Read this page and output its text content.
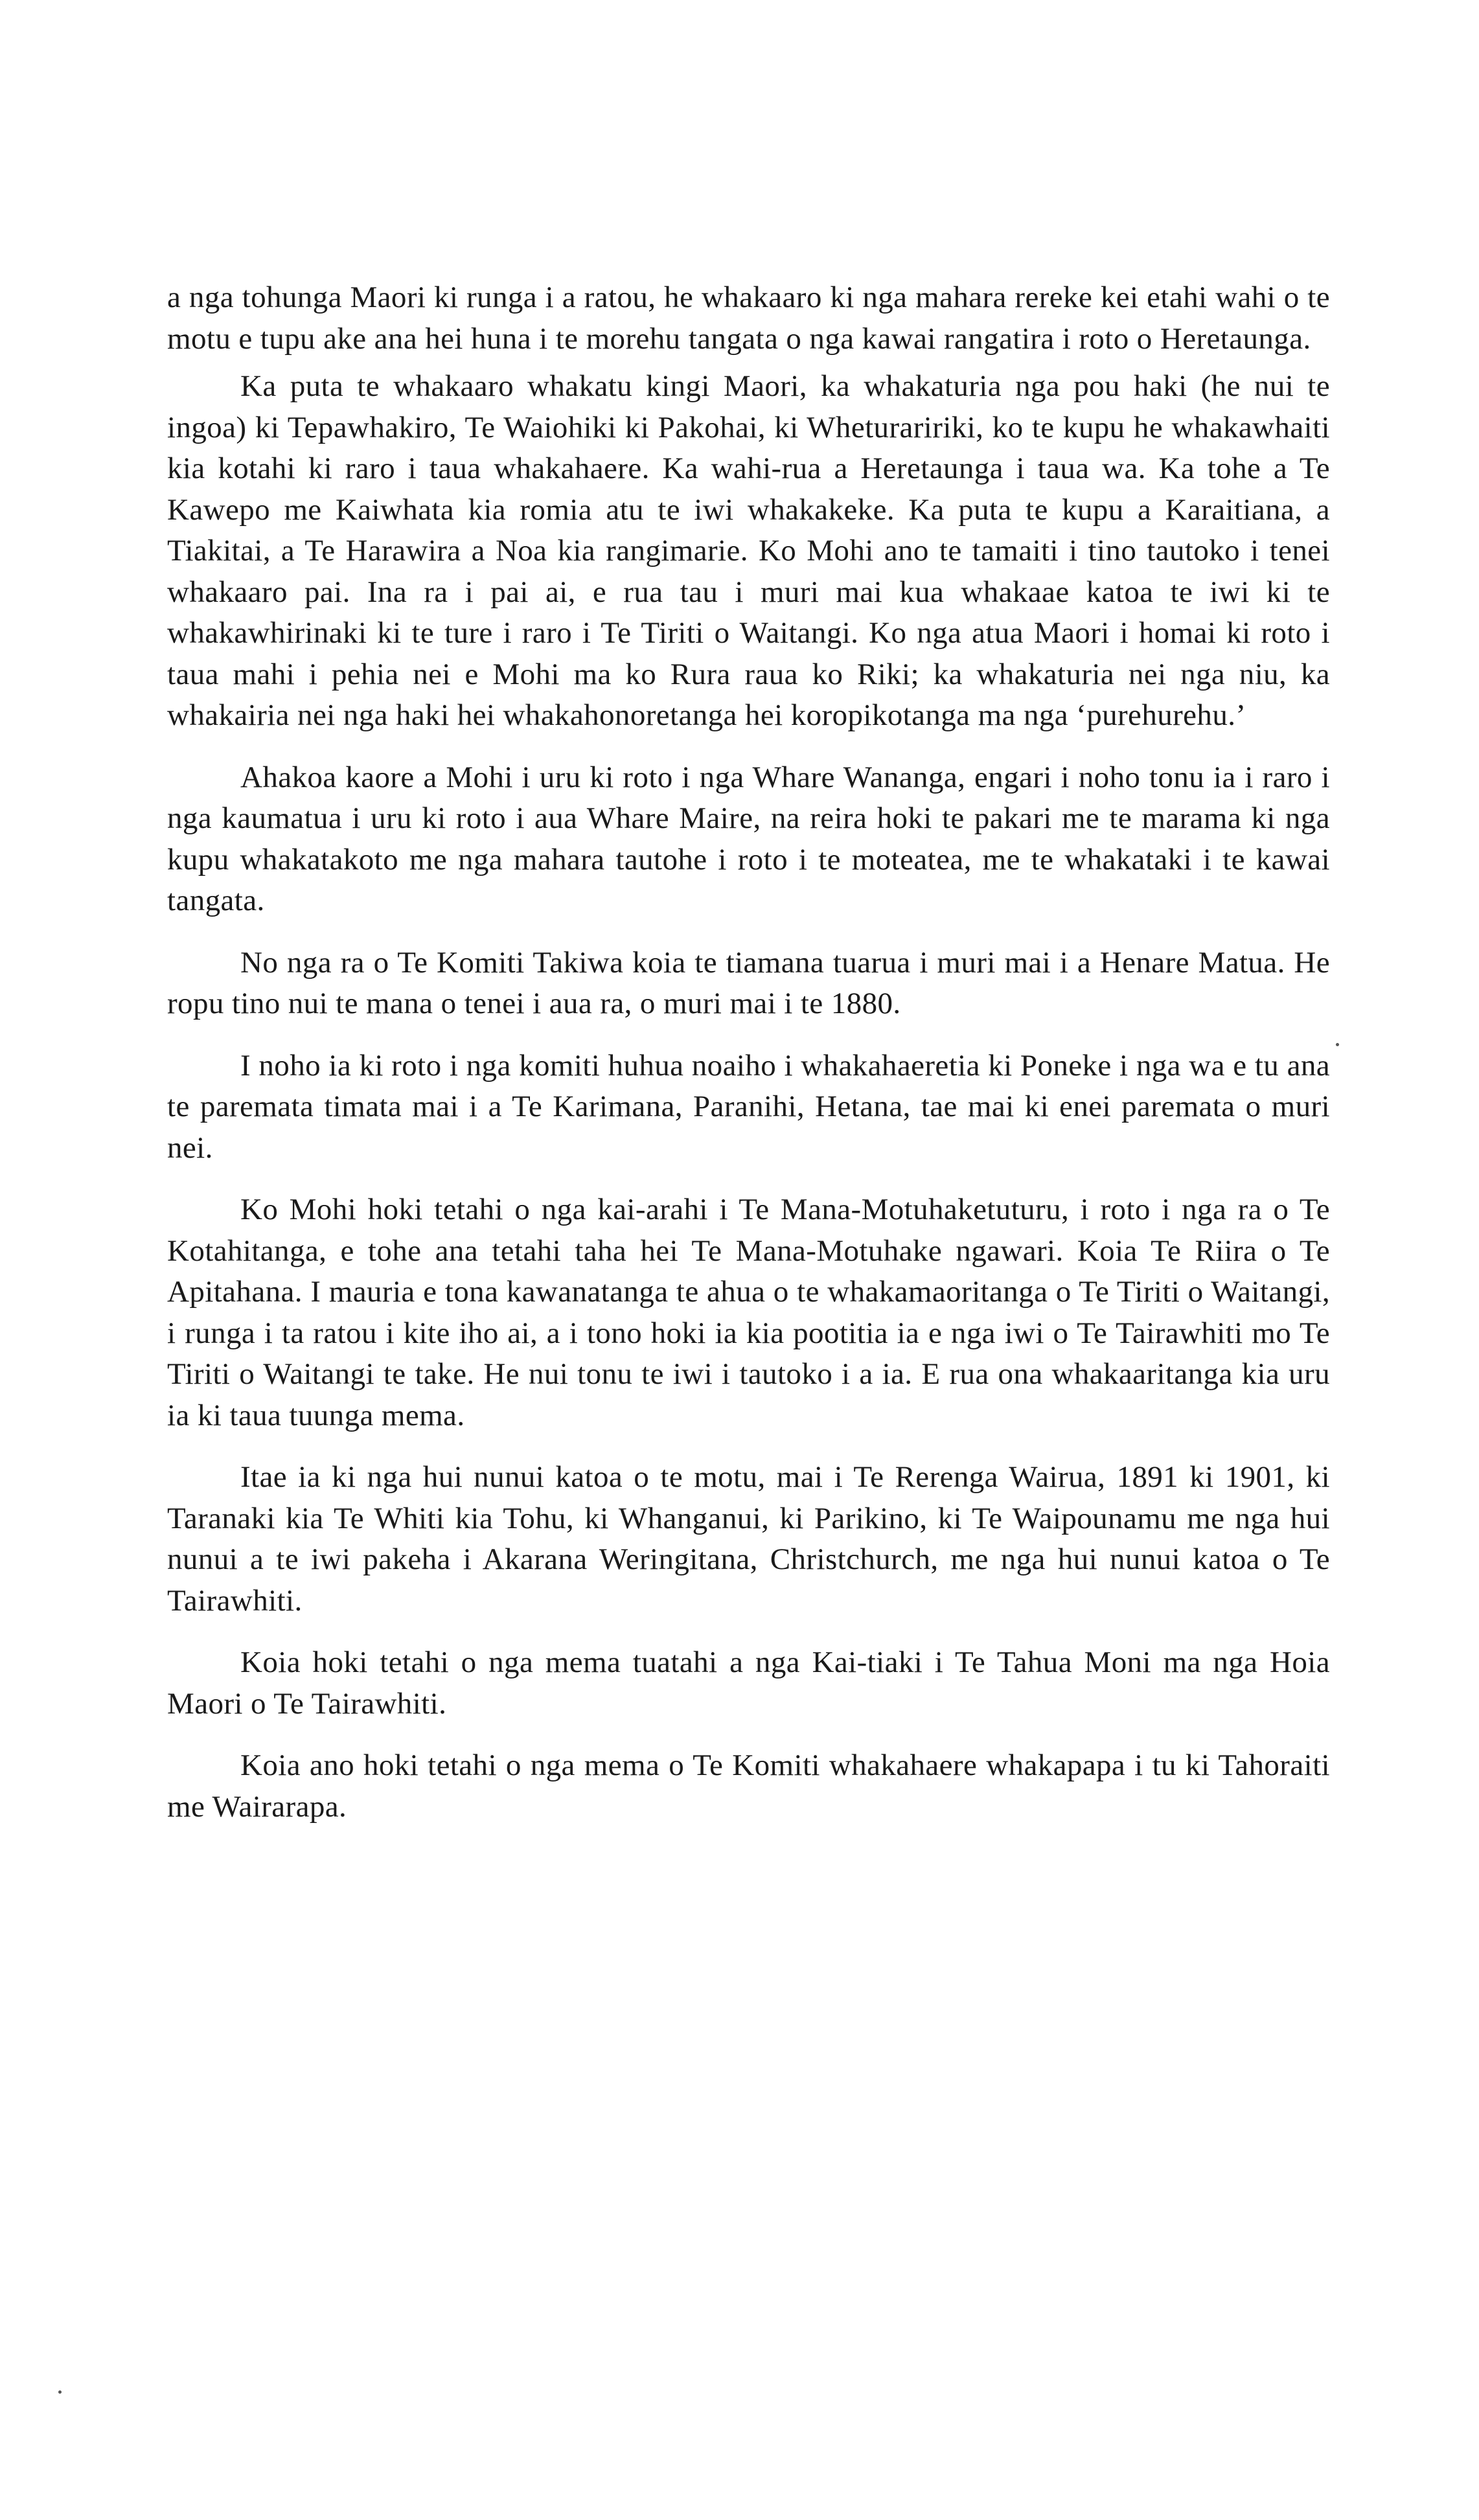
a nga tohunga Maori ki runga i a ratou, he whakaaro ki nga mahara rereke kei etahi wahi o te motu e tupu ake ana hei huna i te morehu tangata o nga kawai rangatira i roto o Heretaunga.

Ka puta te whakaaro whakatu kingi Maori, ka whakaturia nga pou haki (he nui te ingoa) ki Tepawhakiro, Te Waiohiki ki Pakohai, ki Wheturaririki, ko te kupu he whakawhaiti kia kotahi ki raro i taua whakahaere. Ka wahi-rua a Heretaunga i taua wa. Ka tohe a Te Kawepo me Kaiwhata kia romia atu te iwi whakakeke. Ka puta te kupu a Karaitiana, a Tiakitai, a Te Harawira a Noa kia rangimarie. Ko Mohi ano te tamaiti i tino tautoko i tenei whakaaro pai. Ina ra i pai ai, e rua tau i muri mai kua whakaae katoa te iwi ki te whakawhirinaki ki te ture i raro i Te Tiriti o Waitangi. Ko nga atua Maori i homai ki roto i taua mahi i pehia nei e Mohi ma ko Rura raua ko Riki; ka whakaturia nei nga niu, ka whakairia nei nga haki hei whakahonoretanga hei koropikotanga ma nga ‘purehurehu.’

Ahakoa kaore a Mohi i uru ki roto i nga Whare Wananga, engari i noho tonu ia i raro i nga kaumatua i uru ki roto i aua Whare Maire, na reira hoki te pakari me te marama ki nga kupu whakatakoto me nga mahara tautohe i roto i te moteatea, me te whakataki i te kawai tangata.

No nga ra o Te Komiti Takiwa koia te tiamana tuarua i muri mai i a Henare Matua. He ropu tino nui te mana o tenei i aua ra, o muri mai i te 1880.

I noho ia ki roto i nga komiti huhua noaiho i whakahaeretia ki Poneke i nga wa e tu ana te paremata timata mai i a Te Karimana, Paranihi, Hetana, tae mai ki enei paremata o muri nei.

Ko Mohi hoki tetahi o nga kai-arahi i Te Mana-Motuhaketuturu, i roto i nga ra o Te Kotahitanga, e tohe ana tetahi taha hei Te Mana-Motuhake ngawari. Koia Te Riira o Te Apitahana. I mauria e tona kawanatanga te ahua o te whakamaoritanga o Te Tiriti o Waitangi, i runga i ta ratou i kite iho ai, a i tono hoki ia kia pootitia ia e nga iwi o Te Tairawhiti mo Te Tiriti o Waitangi te take. He nui tonu te iwi i tautoko i a ia. E rua ona whakaaritanga kia uru ia ki taua tuunga mema.

Itae ia ki nga hui nunui katoa o te motu, mai i Te Rerenga Wairua, 1891 ki 1901, ki Taranaki kia Te Whiti kia Tohu, ki Whanganui, ki Parikino, ki Te Waipounamu me nga hui nunui a te iwi pakeha i Akarana Weringitana, Christchurch, me nga hui nunui katoa o Te Tairawhiti.

Koia hoki tetahi o nga mema tuatahi a nga Kai-tiaki i Te Tahua Moni ma nga Hoia Maori o Te Tairawhiti.

Koia ano hoki tetahi o nga mema o Te Komiti whakahaere whakapapa i tu ki Tahoraiti me Wairarapa.
